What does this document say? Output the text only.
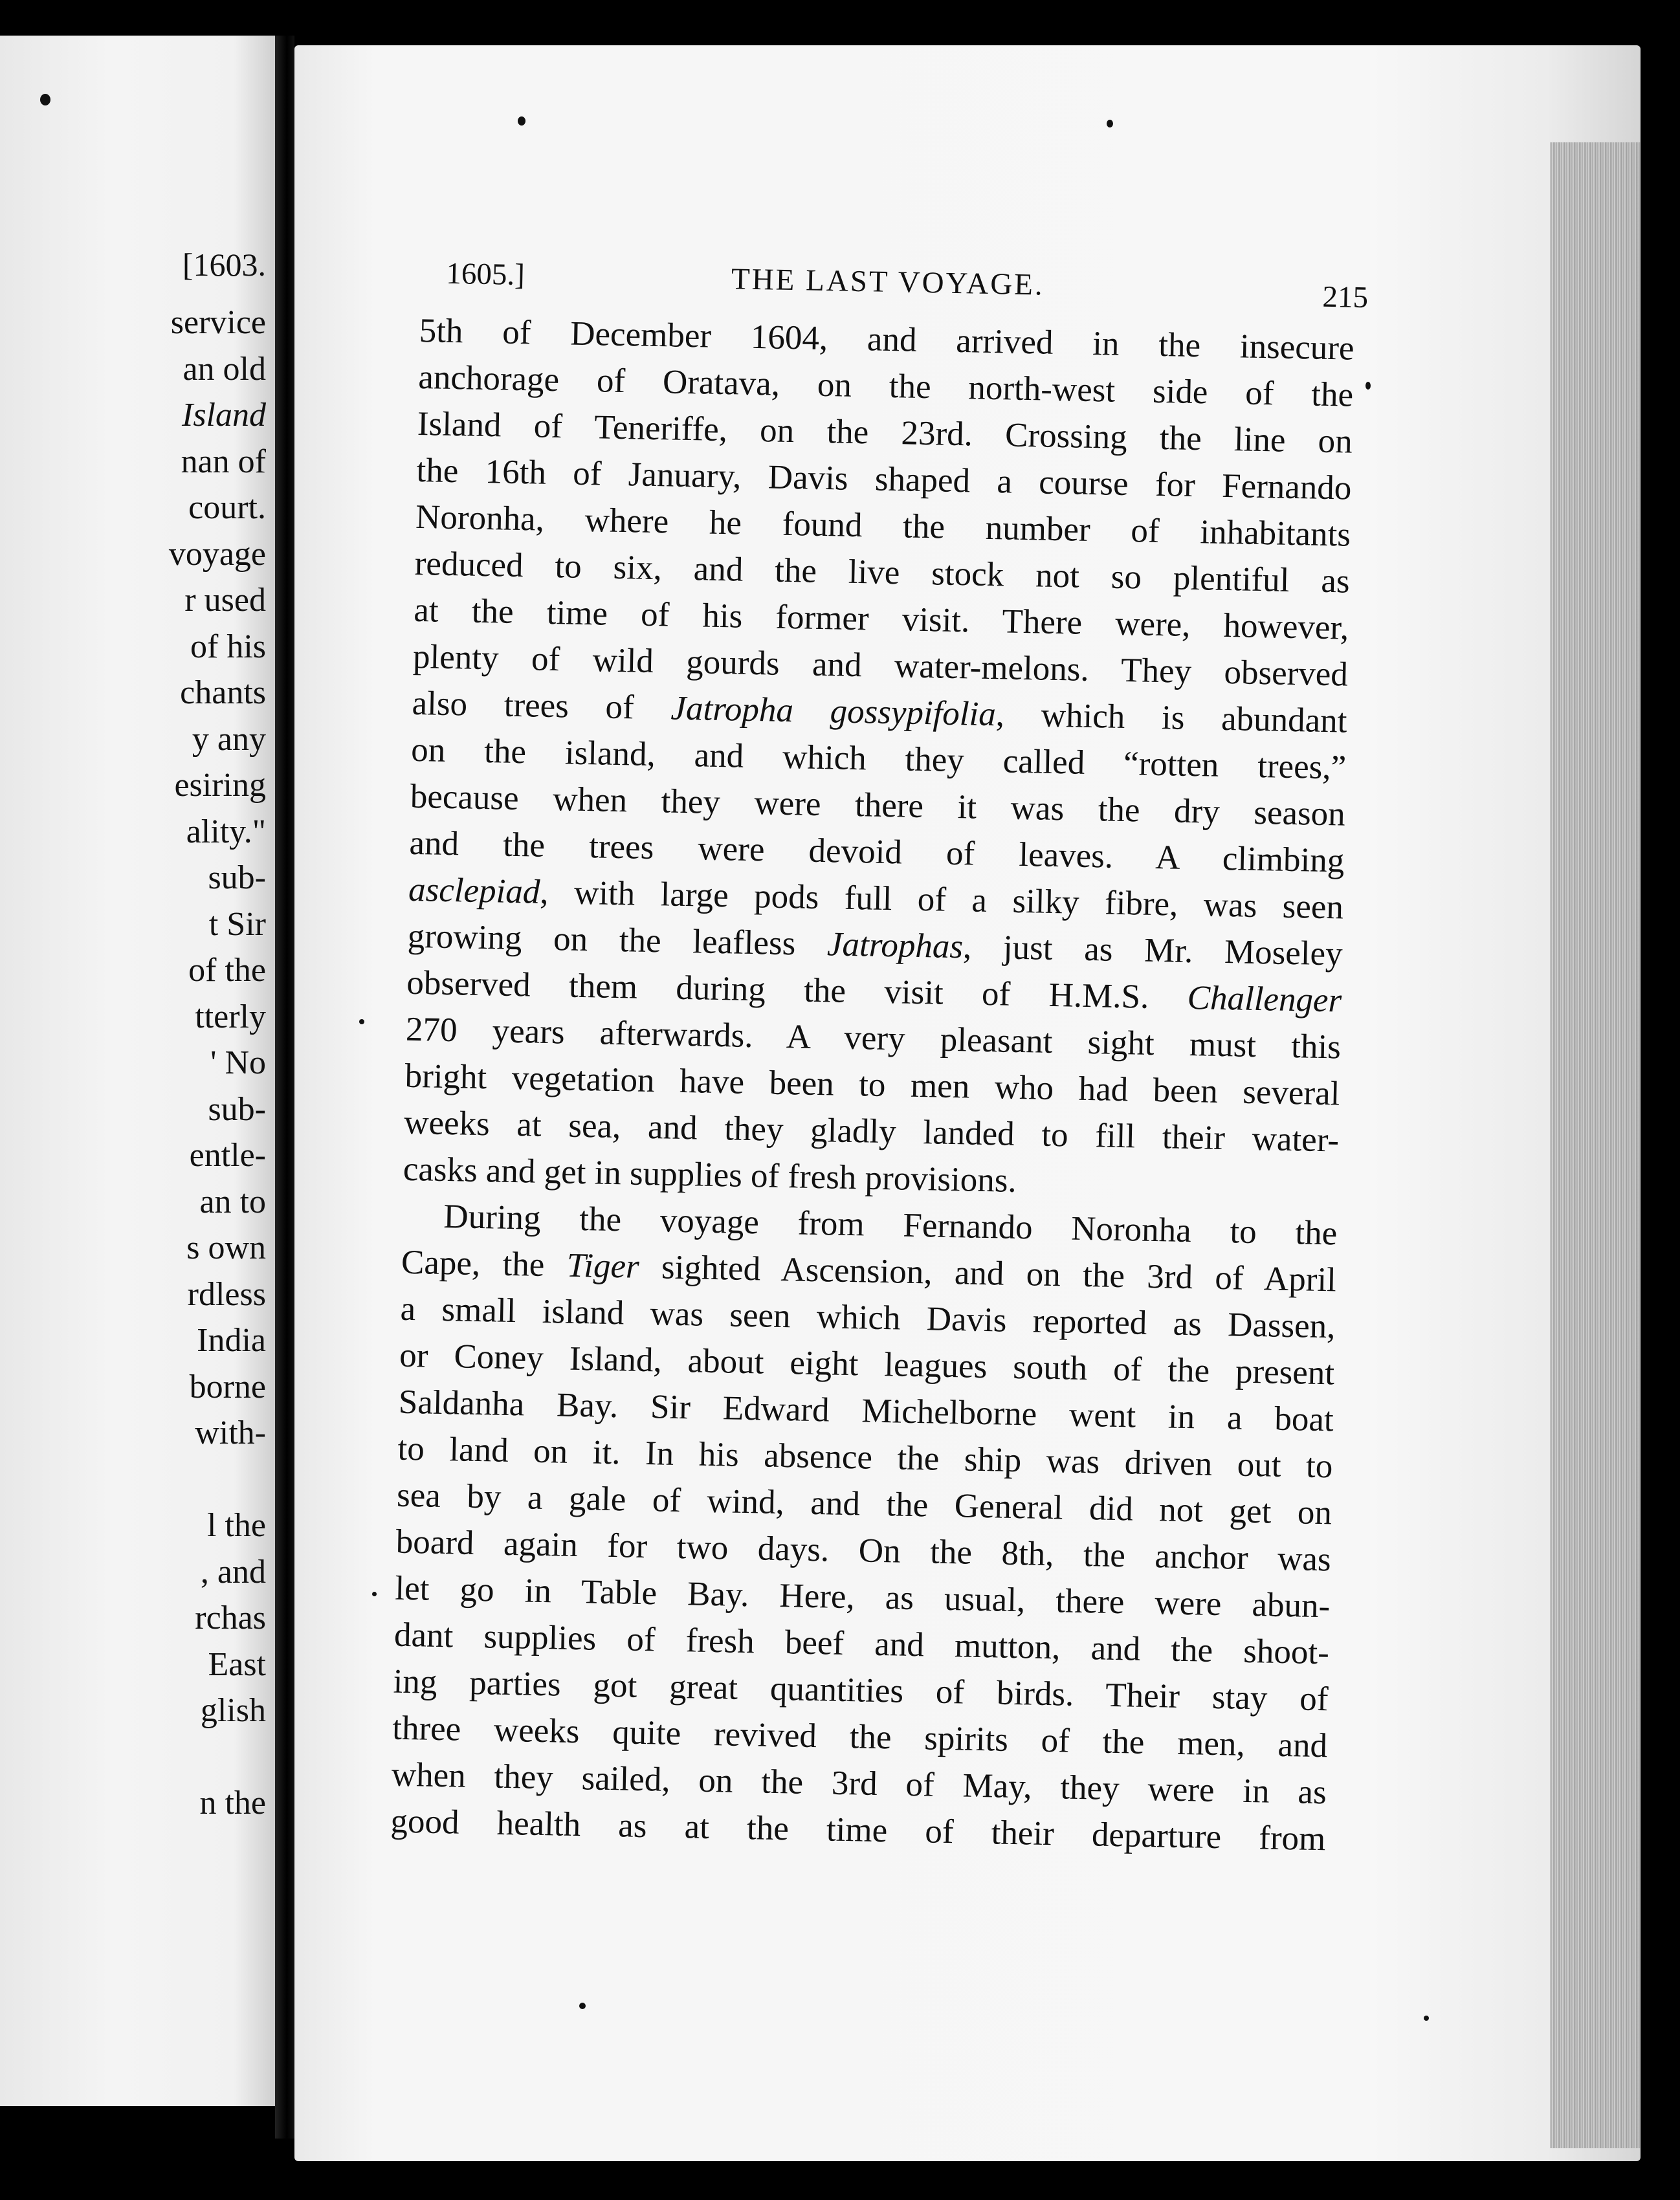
[1603.
service
an old
Island
nan of
court.
voyage
r used
of his
chants
y any
esiring
ality."
sub-
t Sir
of the
tterly
' No
sub-
entle-
an to
s own
rdless
India
borne
with-
l the
, and
rchas
East
glish
n the
1605.]	THE LAST VOYAGE.	215
5th of December 1604, and arrived in the insecure
anchorage of Oratava, on the north-west side of the
Island of Teneriffe, on the 23rd. Crossing the line on
the 16th of January, Davis shaped a course for Fernando
Noronha, where he found the number of inhabitants
reduced to six, and the live stock not so plentiful as
at the time of his former visit. There were, however,
plenty of wild gourds and water-melons. They observed
also trees of Jatropha gossypifolia, which is abundant
on the island, and which they called “rotten trees,”
because when they were there it was the dry season
and the trees were devoid of leaves. A climbing
asclepiad, with large pods full of a silky fibre, was seen
growing on the leafless Jatrophas, just as Mr. Moseley
observed them during the visit of H.M.S. Challenger
270 years afterwards. A very pleasant sight must this
bright vegetation have been to men who had been several
weeks at sea, and they gladly landed to fill their water-
casks and get in supplies of fresh provisions.
During the voyage from Fernando Noronha to the
Cape, the Tiger sighted Ascension, and on the 3rd of April
a small island was seen which Davis reported as Dassen,
or Coney Island, about eight leagues south of the present
Saldanha Bay. Sir Edward Michelborne went in a boat
to land on it. In his absence the ship was driven out to
sea by a gale of wind, and the General did not get on
board again for two days. On the 8th, the anchor was
let go in Table Bay. Here, as usual, there were abun-
dant supplies of fresh beef and mutton, and the shoot-
ing parties got great quantities of birds. Their stay of
three weeks quite revived the spirits of the men, and
when they sailed, on the 3rd of May, they were in as
good health as at the time of their departure from
